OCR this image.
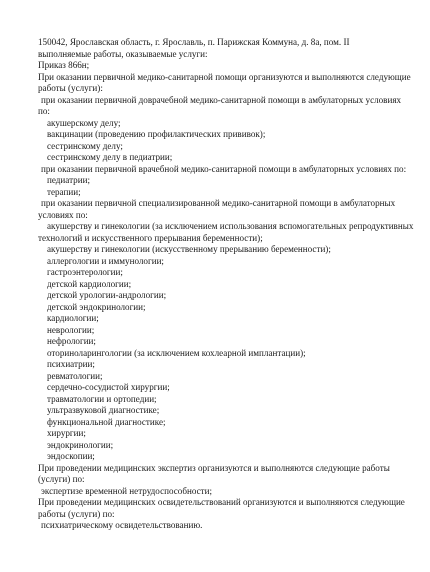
150042, Ярославская область, г. Ярославль, п. Парижская Коммуна, д. 8а, пом. II
выполняемые работы, оказываемые услуги:
Приказ 866н;
При оказании первичной медико-санитарной помощи организуются и выполняются следующие
работы (услуги):
при оказании первичной доврачебной медико-санитарной помощи в амбулаторных условиях
по:
акушерскому делу;
вакцинации (проведению профилактических прививок);
сестринскому делу;
сестринскому делу в педиатрии;
при оказании первичной врачебной медико-санитарной помощи в амбулаторных условиях по:
педиатрии;
терапии;
при оказании первичной специализированной медико-санитарной помощи в амбулаторных
условиях по:
акушерству и гинекологии (за исключением использования вспомогательных репродуктивных
технологий и искусственного прерывания беременности);
акушерству и гинекологии (искусственному прерыванию беременности);
аллергологии и иммунологии;
гастроэнтерологии;
детской кардиологии;
детской урологии-андрологии;
детской эндокринологии;
кардиологии;
неврологии;
нефрологии;
оториноларингологии (за исключением кохлеарной имплантации);
психиатрии;
ревматологии;
сердечно-сосудистой хирургии;
травматологии и ортопедии;
ультразвуковой диагностике;
функциональной диагностике;
хирургии;
эндокринологии;
эндоскопии;
При проведении медицинских экспертиз организуются и выполняются следующие работы
(услуги) по:
экспертизе временной нетрудоспособности;
При проведении медицинских освидетельствований организуются и выполняются следующие
работы (услуги) по:
психиатрическому освидетельствованию.
